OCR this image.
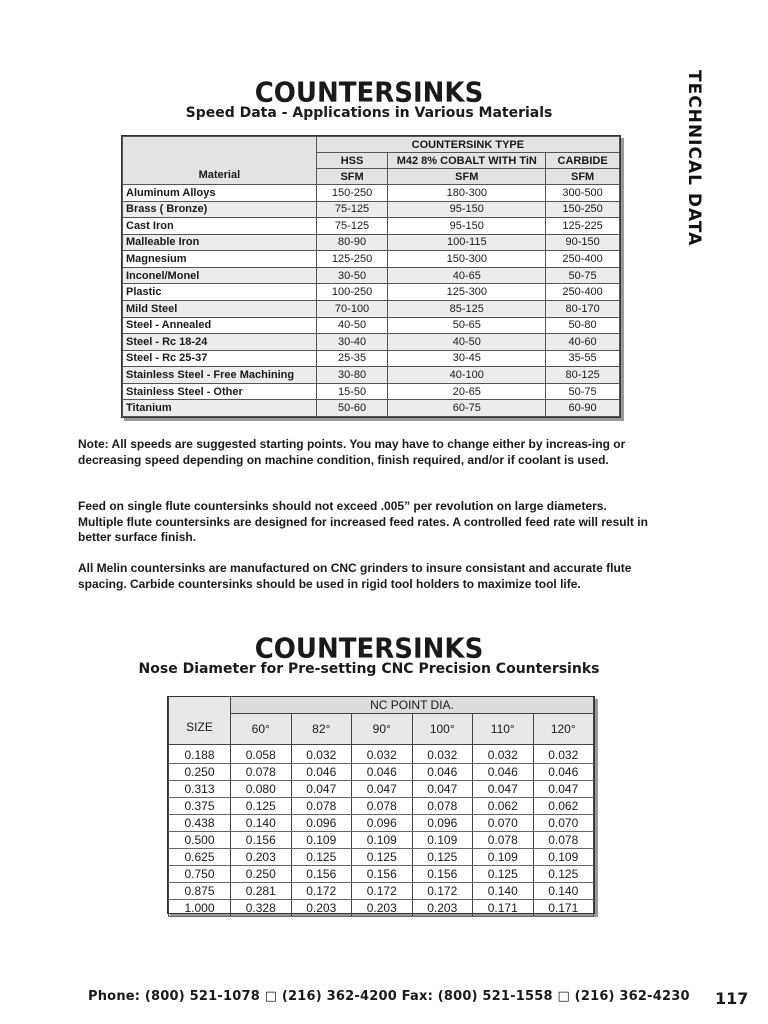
TECHNICAL DATA
COUNTERSINKS
Speed Data - Applications in Various Materials
Material	COUNTERSINK TYPE		
	HSS	M42 8% COBALT WITH TiN	CARBIDE
	SFM	SFM	SFM
Aluminum Alloys	150-250	180-300	300-500
Brass ( Bronze)	75-125	95-150	150-250
Cast Iron	75-125	95-150	125-225
Malleable Iron	80-90	100-115	90-150
Magnesium	125-250	150-300	250-400
Inconel/Monel	30-50	40-65	50-75
Plastic	100-250	125-300	250-400
Mild Steel	70-100	85-125	80-170
Steel - Annealed	40-50	50-65	50-80
Steel - Rc 18-24	30-40	40-50	40-60
Steel - Rc 25-37	25-35	30-45	35-55
Stainless Steel - Free Machining	30-80	40-100	80-125
Stainless Steel - Other	15-50	20-65	50-75
Titanium	50-60	60-75	60-90
Note: All speeds are suggested starting points. You may have to change either by increas-ing or decreasing speed depending on machine condition, finish required, and/or if coolant is used.
Feed on single flute countersinks should not exceed .005” per revolution on large diameters. Multiple flute countersinks are designed for increased feed rates. A controlled feed rate will result in better surface finish.
All Melin countersinks are manufactured on CNC grinders to insure consistant and accurate flute spacing. Carbide countersinks should be used in rigid tool holders to maximize tool life.
COUNTERSINKS
Nose Diameter for Pre-setting CNC Precision Countersinks
SIZE	NC POINT DIA.					
	60°	82°	90°	100°	110°	120°
0.188	0.058	0.032	0.032	0.032	0.032	0.032
0.250	0.078	0.046	0.046	0.046	0.046	0.046
0.313	0.080	0.047	0.047	0.047	0.047	0.047
0.375	0.125	0.078	0.078	0.078	0.062	0.062
0.438	0.140	0.096	0.096	0.096	0.070	0.070
0.500	0.156	0.109	0.109	0.109	0.078	0.078
0.625	0.203	0.125	0.125	0.125	0.109	0.109
0.750	0.250	0.156	0.156	0.156	0.125	0.125
0.875	0.281	0.172	0.172	0.172	0.140	0.140
1.000	0.328	0.203	0.203	0.203	0.171	0.171
Phone: (800) 521-1078 □ (216) 362-4200 Fax: (800) 521-1558 □ (216) 362-4230 117
